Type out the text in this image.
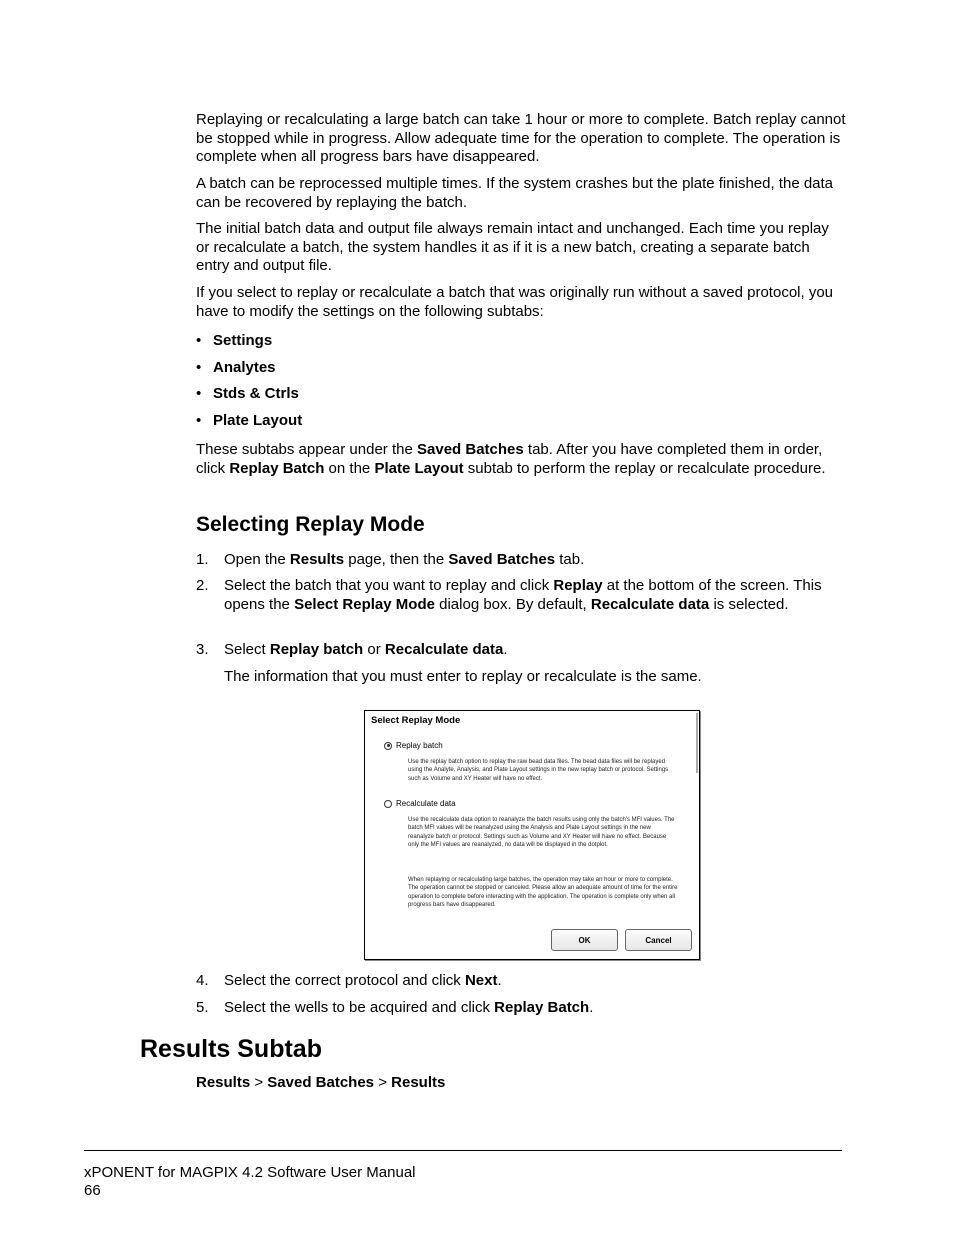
Replaying or recalculating a large batch can take 1 hour or more to complete. Batch replay cannot be stopped while in progress. Allow adequate time for the operation to complete. The operation is complete when all progress bars have disappeared.

A batch can be reprocessed multiple times. If the system crashes but the plate finished, the data can be recovered by replaying the batch.

The initial batch data and output file always remain intact and unchanged. Each time you replay or recalculate a batch, the system handles it as if it is a new batch, creating a separate batch entry and output file.

If you select to replay or recalculate a batch that was originally run without a saved protocol, you have to modify the settings on the following subtabs:

• Settings
• Analytes
• Stds & Ctrls
• Plate Layout

These subtabs appear under the Saved Batches tab. After you have completed them in order, click Replay Batch on the Plate Layout subtab to perform the replay or recalculate procedure.

Selecting Replay Mode
1. Open the Results page, then the Saved Batches tab.
2. Select the batch that you want to replay and click Replay at the bottom of the screen. This opens the Select Replay Mode dialog box. By default, Recalculate data is selected.
3. Select Replay batch or Recalculate data.
The information that you must enter to replay or recalculate is the same.
Select Replay Mode
Replay batch
Use the replay batch option to replay the raw bead data files. The bead data files will be replayed using the Analyte, Analysis, and Plate Layout settings in the new replay batch or protocol. Settings such as Volume and XY Heater will have no effect.
Recalculate data
Use the recalculate data option to reanalyze the batch results using only the batch's MFI values. The batch MFI values will be reanalyzed using the Analysis and Plate Layout settings in the new reanalyze batch or protocol. Settings such as Volume and XY Heater will have no effect. Because only the MFI values are reanalyzed, no data will be displayed in the dotplot.
When replaying or recalculating large batches, the operation may take an hour or more to complete. The operation cannot be stopped or canceled. Please allow an adequate amount of time for the entire operation to complete before interacting with the application. The operation is complete only when all progress bars have disappeared.
OK	Cancel
4. Select the correct protocol and click Next.
5. Select the wells to be acquired and click Replay Batch.
Results Subtab
Results > Saved Batches > Results
xPONENT for MAGPIX 4.2 Software User Manual
66
